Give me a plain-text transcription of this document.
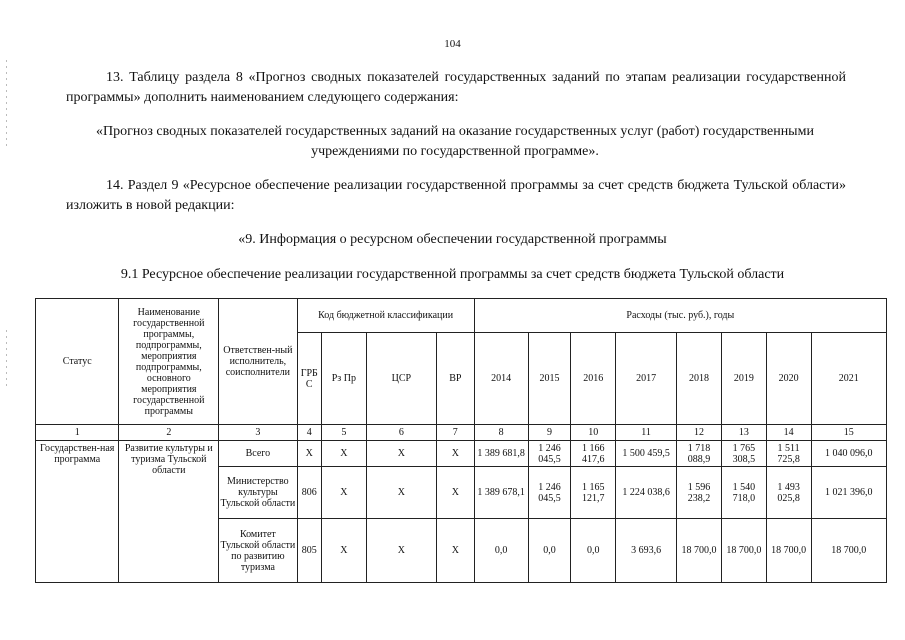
104

13. Таблицу раздела 8 «Прогноз сводных показателей государственных заданий по этапам реализации государственной программы» дополнить наименованием следующего содержания:

«Прогноз сводных показателей государственных заданий на оказание государственных услуг (работ) государственными учреждениями по государственной программе».

14. Раздел 9 «Ресурсное обеспечение реализации государственной программы за счет средств бюджета Тульской области» изложить в новой редакции:

«9. Информация о ресурсном обеспечении государственной программы

9.1 Ресурсное обеспечение реализации государственной программы за счет средств бюджета Тульской области

Статус	Наименование государственной программы, подпрограммы, мероприятия подпрограммы, основного мероприятия государственной программы	Ответствен-ный исполнитель, соисполнители	Код бюджетной классификации				Расходы (тыс. руб.), годы							
			ГРБ С	Рз Пр	ЦСР	ВР	2014	2015	2016	2017	2018	2019	2020	2021
1	2	3	4	5	6	7	8	9	10	11	12	13	14	15
Государствен-ная программа	Развитие культуры и туризма Тульской области	Всего	Х	Х	Х	Х	1 389 681,8	1 246 045,5	1 166 417,6	1 500 459,5	1 718 088,9	1 765 308,5	1 511 725,8	1 040 096,0
		Министерство культуры Тульской области	806	Х	Х	Х	1 389 678,1	1 246 045,5	1 165 121,7	1 224 038,6	1 596 238,2	1 540 718,0	1 493 025,8	1 021 396,0
		Комитет Тульской области по развитию туризма	805	Х	Х	Х	0,0	0,0	0,0	3 693,6	18 700,0	18 700,0	18 700,0	18 700,0
